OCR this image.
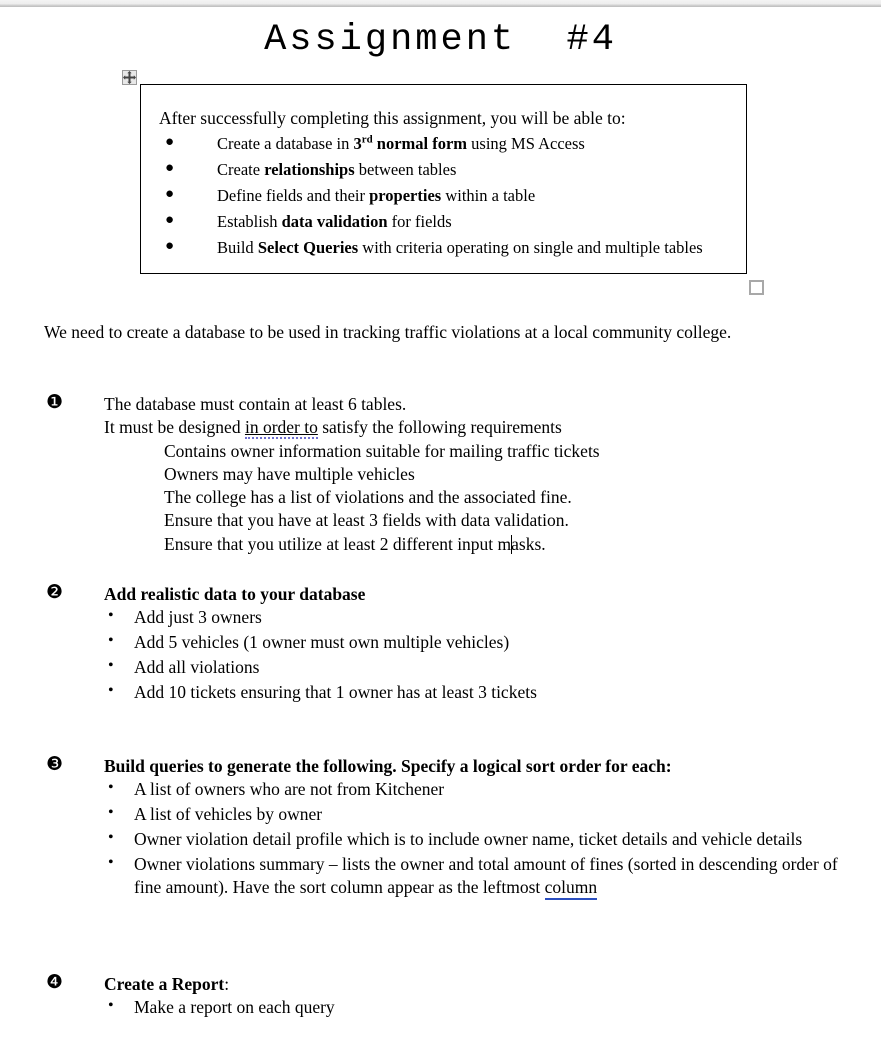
Assignment  #4

After successfully completing this assignment, you will be able to:

●	Create a database in 3rd normal form using MS Access
●	Create relationships between tables
●	Define fields and their properties within a table
●	Establish data validation for fields
●	Build Select Queries with criteria operating on single and multiple tables
We need to create a database to be used in tracking traffic violations at a local community college.
❶	The database must contain at least 6 tables.
It must be designed in order to satisfy the following requirements
Contains owner information suitable for mailing traffic tickets
Owners may have multiple vehicles
The college has a list of violations and the associated fine.
Ensure that you have at least 3 fields with data validation.
Ensure that you utilize at least 2 different input masks.
❷	Add realistic data to your database
• Add just 3 owners
• Add 5 vehicles (1 owner must own multiple vehicles)
• Add all violations
• Add 10 tickets ensuring that 1 owner has at least 3 tickets
❸	Build queries to generate the following. Specify a logical sort order for each:
• A list of owners who are not from Kitchener
• A list of vehicles by owner
• Owner violation detail profile which is to include owner name, ticket details and vehicle details
• Owner violations summary – lists the owner and total amount of fines (sorted in descending order of fine amount). Have the sort column appear as the leftmost column
❹	Create a Report:
• Make a report on each query
